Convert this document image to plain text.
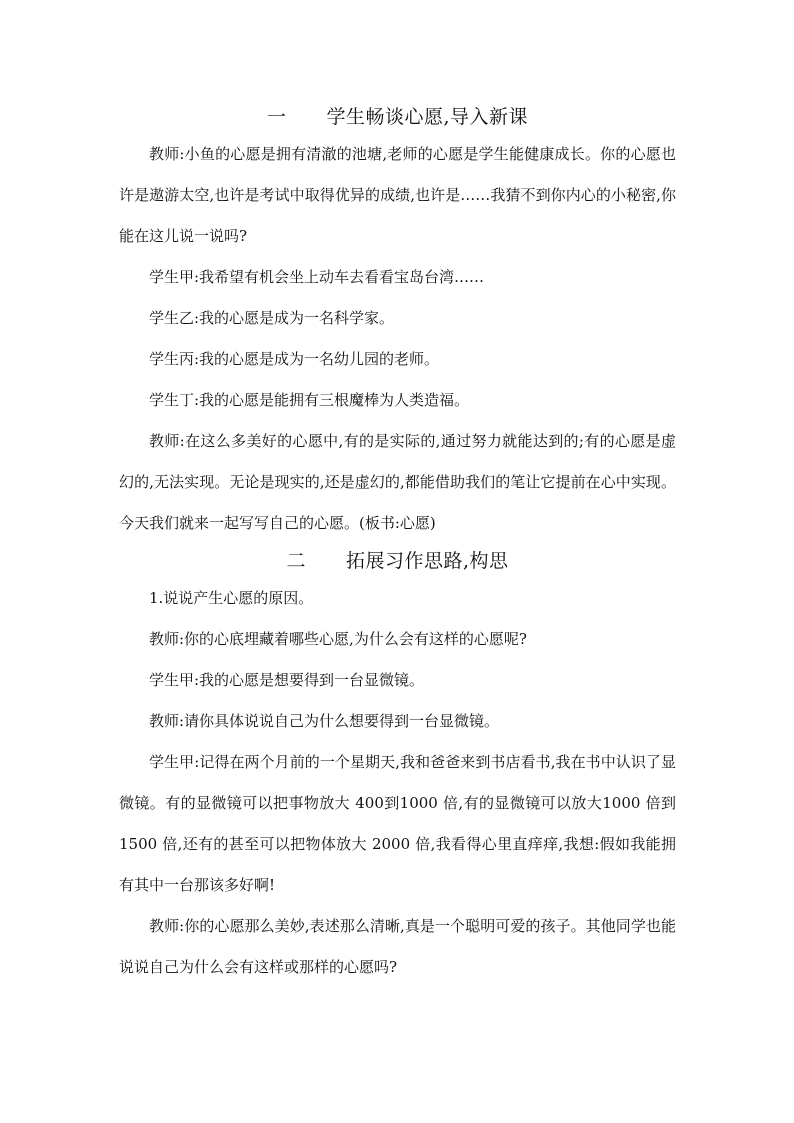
一 学生畅谈心愿,导入新课

教师:小鱼的心愿是拥有清澈的池塘,老师的心愿是学生能健康成长。你的心愿也许是遨游太空,也许是考试中取得优异的成绩,也许是……我猜不到你内心的小秘密,你能在这儿说一说吗?

学生甲:我希望有机会坐上动车去看看宝岛台湾……

学生乙:我的心愿是成为一名科学家。

学生丙:我的心愿是成为一名幼儿园的老师。

学生丁:我的心愿是能拥有三根魔棒为人类造福。

教师:在这么多美好的心愿中,有的是实际的,通过努力就能达到的;有的心愿是虚幻的,无法实现。无论是现实的,还是虚幻的,都能借助我们的笔让它提前在心中实现。今天我们就来一起写写自己的心愿。(板书:心愿)

二 拓展习作思路,构思

1.说说产生心愿的原因。

教师:你的心底埋藏着哪些心愿,为什么会有这样的心愿呢?

学生甲:我的心愿是想要得到一台显微镜。

教师:请你具体说说自己为什么想要得到一台显微镜。

学生甲:记得在两个月前的一个星期天,我和爸爸来到书店看书,我在书中认识了显微镜。有的显微镜可以把事物放大 400到1000 倍,有的显微镜可以放大1000 倍到1500 倍,还有的甚至可以把物体放大 2000 倍,我看得心里直痒痒,我想:假如我能拥有其中一台那该多好啊!

教师:你的心愿那么美妙,表述那么清晰,真是一个聪明可爱的孩子。其他同学也能说说自己为什么会有这样或那样的心愿吗?
